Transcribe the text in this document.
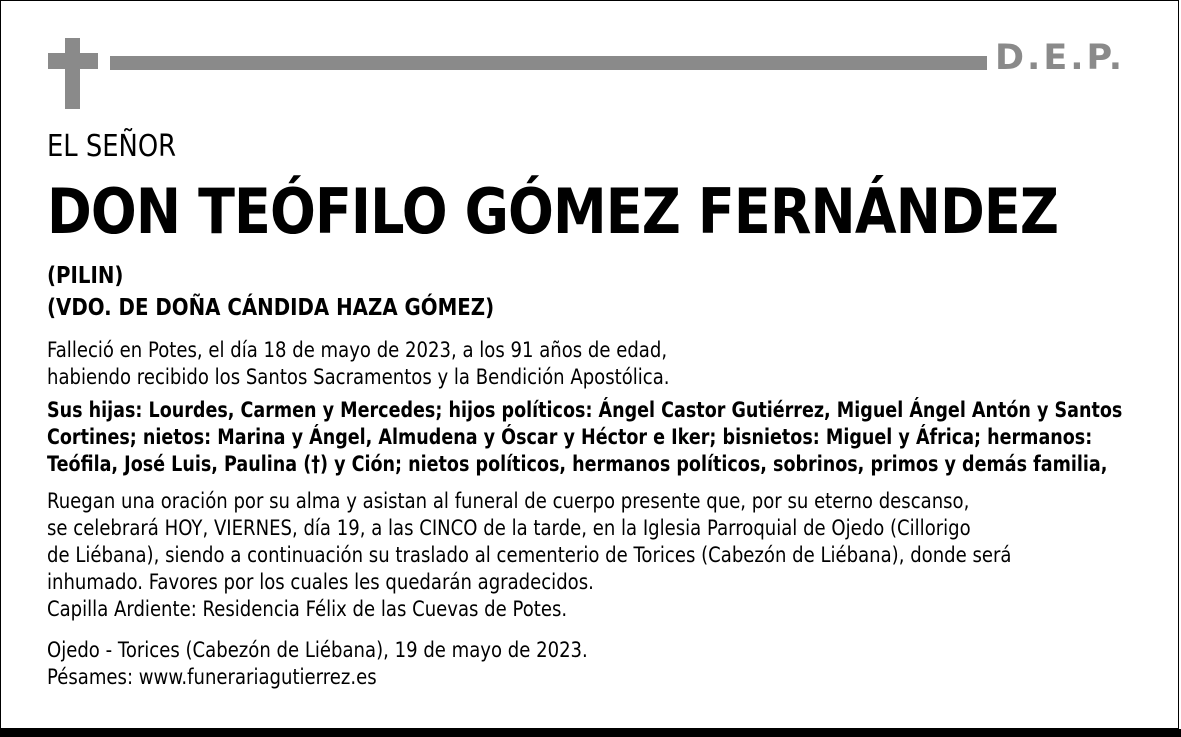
D.E.P.
EL SEÑOR
DON TEÓFILO GÓMEZ FERNÁNDEZ
(PILIN)
(VDO. DE DOÑA CÁNDIDA HAZA GÓMEZ)
Falleció en Potes, el día 18 de mayo de 2023, a los 91 años de edad,
habiendo recibido los Santos Sacramentos y la Bendición Apostólica.
Sus hijas: Lourdes, Carmen y Mercedes; hijos políticos: Ángel Castor Gutiérrez, Miguel Ángel Antón y Santos
Cortines; nietos: Marina y Ángel, Almudena y Óscar y Héctor e Iker; bisnietos: Miguel y África; hermanos:
Teófila, José Luis, Paulina (†) y Ción; nietos políticos, hermanos políticos, sobrinos, primos y demás familia,
Ruegan una oración por su alma y asistan al funeral de cuerpo presente que, por su eterno descanso,
se celebrará HOY, VIERNES, día 19, a las CINCO de la tarde, en la Iglesia Parroquial de Ojedo (Cillorigo
de Liébana), siendo a continuación su traslado al cementerio de Torices (Cabezón de Liébana), donde será
inhumado. Favores por los cuales les quedarán agradecidos.
Capilla Ardiente: Residencia Félix de las Cuevas de Potes.
Ojedo - Torices (Cabezón de Liébana), 19 de mayo de 2023.
Pésames: www.funerariagutierrez.es
